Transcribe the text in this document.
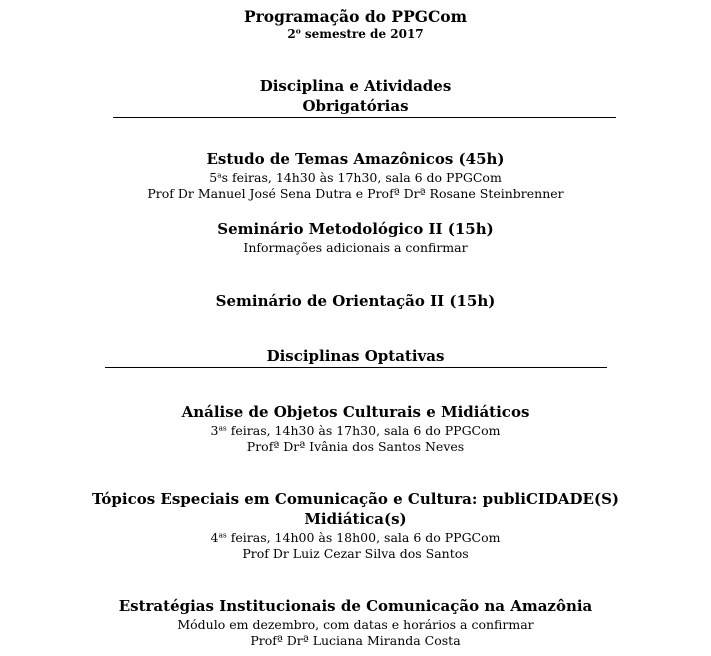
Programação do PPGCom
2$^o$ semestre de 2017
Disciplina e Atividades
Obrigatórias
Estudo de Temas Amazônicos (45h)
5$^a$s feiras, 14h30 às 17h30, sala 6 do PPGCom
Prof Dr Manuel José Sena Dutra e Profª Drª Rosane Steinbrenner
Seminário Metodológico II (15h)
Informações adicionais a confirmar
Seminário de Orientação II (15h)
Disciplinas Optativas
Análise de Objetos Culturais e Midiáticos
$3^{as}$ feiras, 14h30 às 17h30, sala 6 do PPGCom
Profª Drª Ivânia dos Santos Neves
Tópicos Especiais em Comunicação e Cultura: publiCIDADE(S)
Midiática(s)
$4^{as}$ feiras, 14h00 às 18h00, sala 6 do PPGCom
Prof Dr Luiz Cezar Silva dos Santos
Estratégias Institucionais de Comunicação na Amazônia
Módulo em dezembro, com datas e horários a confirmar
Profª Drª Luciana Miranda Costa
